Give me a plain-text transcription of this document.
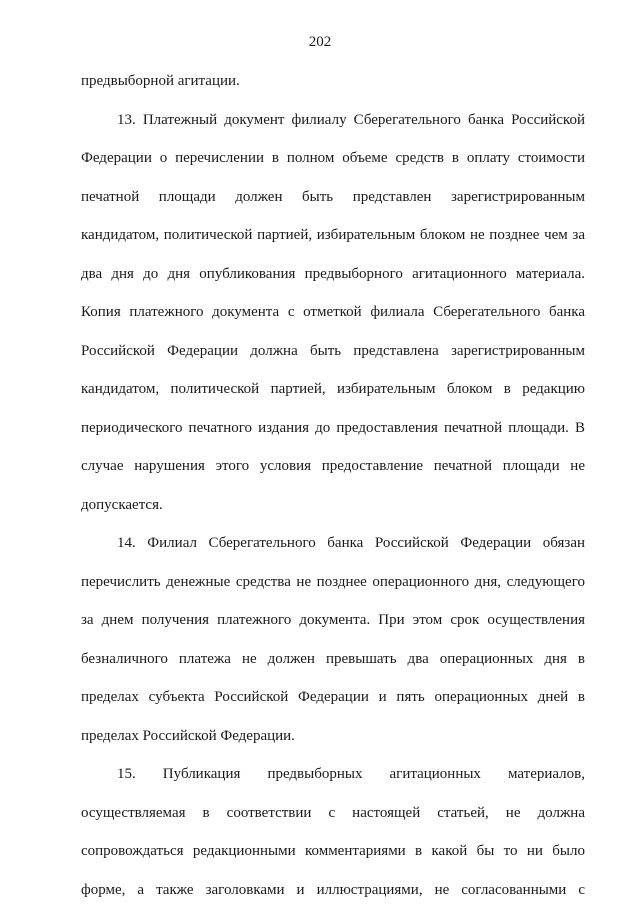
202
предвыборной агитации.
13. Платежный документ филиалу Сберегательного банка Российской
Федерации о перечислении в полном объеме средств в оплату стоимости
печатной площади должен быть представлен зарегистрированным
кандидатом, политической партией, избирательным блоком не позднее чем за
два дня до дня опубликования предвыборного агитационного материала.
Копия платежного документа с отметкой филиала Сберегательного банка
Российской Федерации должна быть представлена зарегистрированным
кандидатом, политической партией, избирательным блоком в редакцию
периодического печатного издания до предоставления печатной площади. В
случае нарушения этого условия предоставление печатной площади не
допускается.
14. Филиал Сберегательного банка Российской Федерации обязан
перечислить денежные средства не позднее операционного дня, следующего
за днем получения платежного документа. При этом срок осуществления
безналичного платежа не должен превышать два операционных дня в
пределах субъекта Российской Федерации и пять операционных дней в
пределах Российской Федерации.
15. Публикация предвыборных агитационных материалов,
осуществляемая в соответствии с настоящей статьей, не должна
сопровождаться редакционными комментариями в какой бы то ни было
форме, а также заголовками и иллюстрациями, не согласованными с
